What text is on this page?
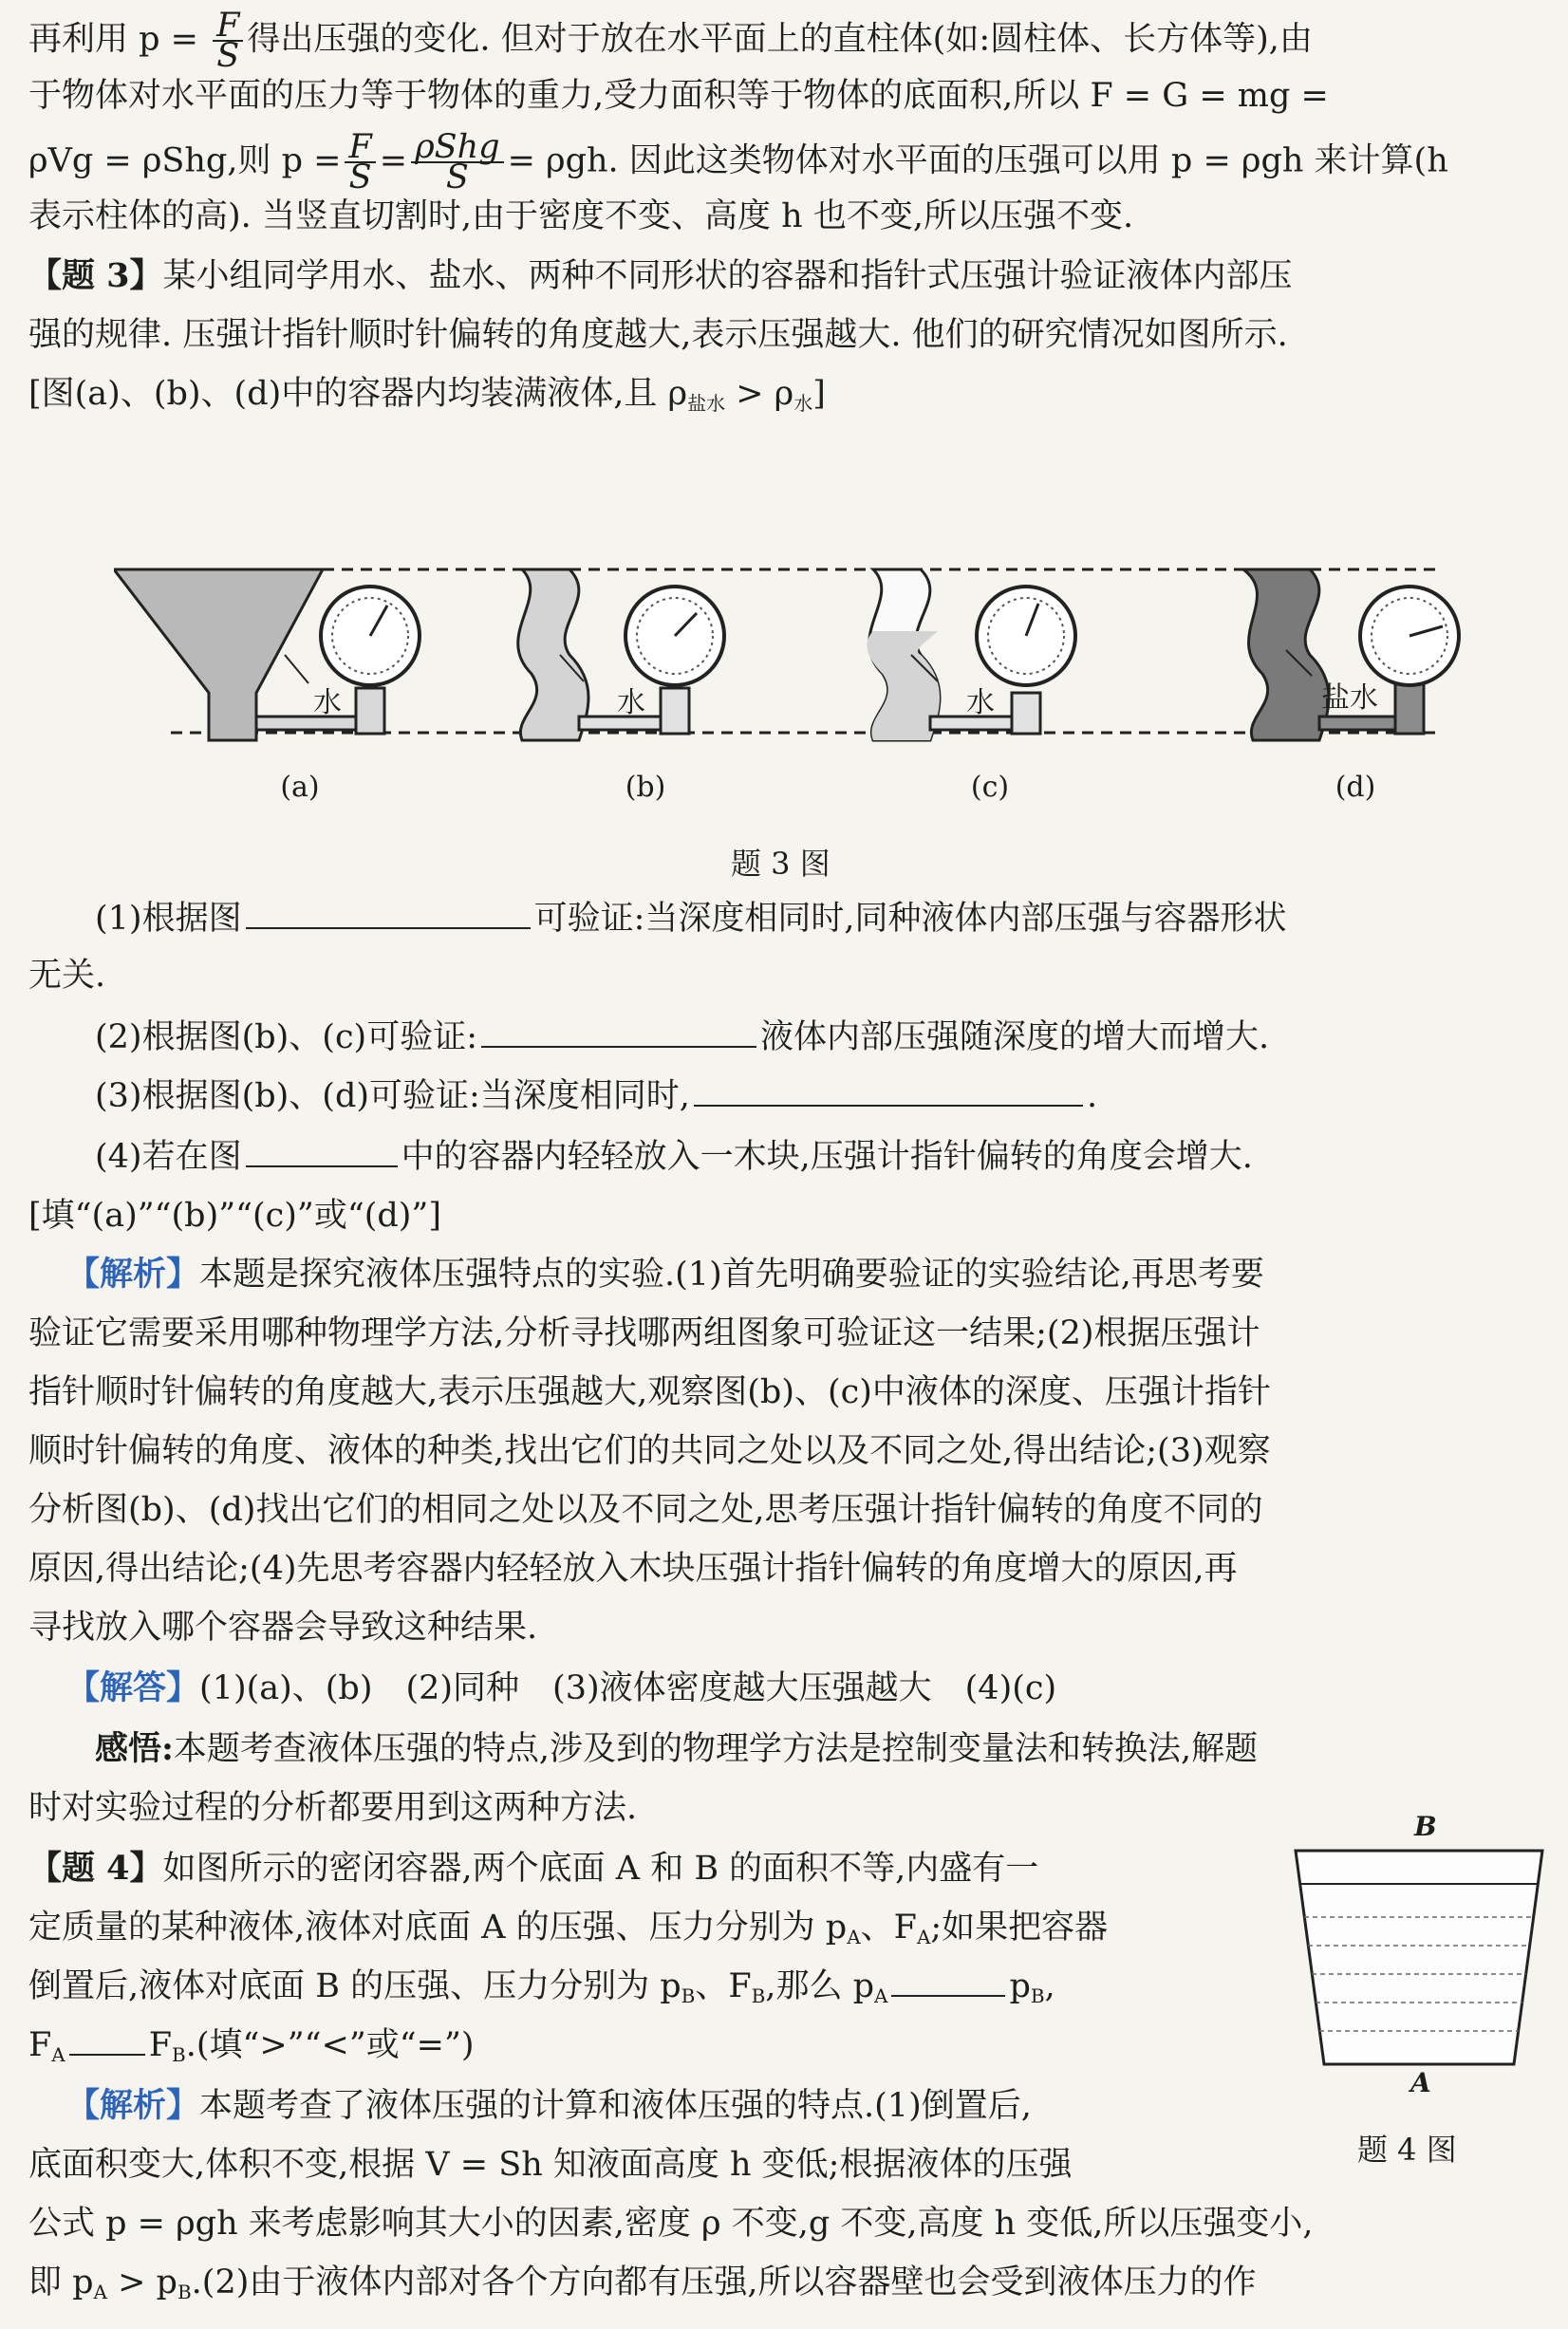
再利用 $p = \frac{F}{S}$ 得出压强的变化. 但对于放在水平面上的直柱体(如:圆柱体、长方体等),由
于物体对水平面的压力等于物体的重力,受力面积等于物体的底面积,所以 F = G = mg =
ρVg = ρShg,则 $p = \frac{F}{S} = \frac{\text{ρShg}}{S} = \rho gh$. 因此这类物体对水平面的压强可以用 p = ρgh 来计算(h
表示柱体的高). 当竖直切割时,由于密度不变、高度 h 也不变,所以压强不变.
【题 3】某小组同学用水、盐水、两种不同形状的容器和指针式压强计验证液体内部压
强的规律. 压强计指针顺时针偏转的角度越大,表示压强越大. 他们的研究情况如图所示.
[图(a)、(b)、(d)中的容器内均装满液体,且 $\rho_{盐水} > \rho_水$]
水	水	水	盐水
(a)	(b)	(c)	(d)
题 3 图
(1)根据图	可验证:当深度相同时,同种液体内部压强与容器形状
无关.
(2)根据图(b)、(c)可验证:	液体内部压强随深度的增大而增大.
(3)根据图(b)、(d)可验证:当深度相同时,	.
(4)若在图	中的容器内轻轻放入一木块,压强计指针偏转的角度会增大.
[填“(a)”“(b)”“(c)”或“(d)”]
【解析】本题是探究液体压强特点的实验.(1)首先明确要验证的实验结论,再思考要
验证它需要采用哪种物理学方法,分析寻找哪两组图象可验证这一结果;(2)根据压强计
指针顺时针偏转的角度越大,表示压强越大,观察图(b)、(c)中液体的深度、压强计指针
顺时针偏转的角度、液体的种类,找出它们的共同之处以及不同之处,得出结论;(3)观察
分析图(b)、(d)找出它们的相同之处以及不同之处,思考压强计指针偏转的角度不同的
原因,得出结论;(4)先思考容器内轻轻放入木块压强计指针偏转的角度增大的原因,再
寻找放入哪个容器会导致这种结果.
【解答】(1)(a)、(b)　(2)同种　(3)液体密度越大压强越大　(4)(c)
感悟:本题考查液体压强的特点,涉及到的物理学方法是控制变量法和转换法,解题
时对实验过程的分析都要用到这两种方法.
【题 4】如图所示的密闭容器,两个底面 A 和 B 的面积不等,内盛有一
定质量的某种液体,液体对底面 A 的压强、压力分别为 $p_A$、$F_A$;如果把容器
倒置后,液体对底面 B 的压强、压力分别为 $p_B$、$F_B$,那么 $p_A$	$p_B$,
$F_A$	$F_B$.(填“>”“<”或“=”)
【解析】本题考查了液体压强的计算和液体压强的特点.(1)倒置后,
底面积变大,体积不变,根据 V = Sh 知液面高度 h 变低;根据液体的压强
公式 p = ρgh 来考虑影响其大小的因素,密度 ρ 不变,g 不变,高度 h 变低,所以压强变小,
即 $p_A > p_B.(2)$由于液体内部对各个方向都有压强,所以容器壁也会受到液体压力的作
B
A
题 4 图
